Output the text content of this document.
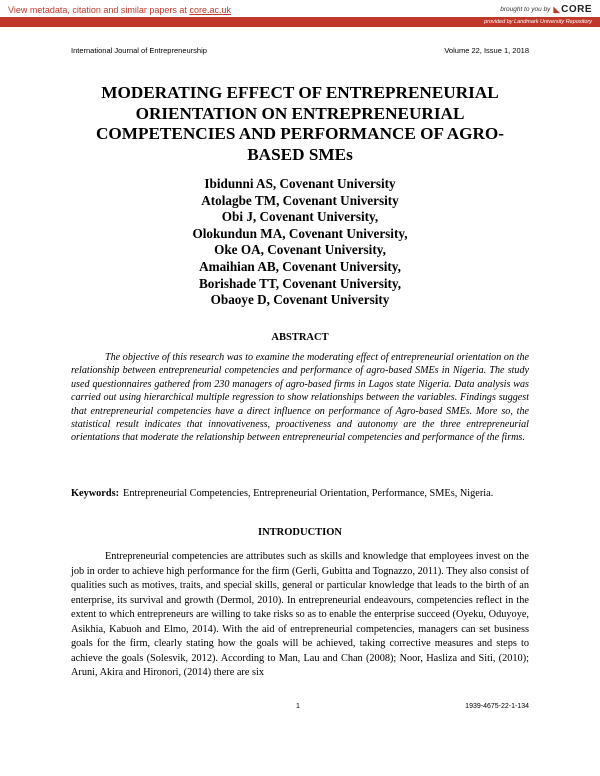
View metadata, citation and similar papers at core.ac.uk	brought to you by ◣CORE
provided by Landmark University Repository
International Journal of Entrepreneurship	Volume 22, Issue 1, 2018
MODERATING EFFECT OF ENTREPRENEURIAL ORIENTATION ON ENTREPRENEURIAL COMPETENCIES AND PERFORMANCE OF AGRO-BASED SMEs
Ibidunni AS, Covenant University
Atolagbe TM, Covenant University
Obi J, Covenant University,
Olokundun MA, Covenant University,
Oke OA, Covenant University,
Amaihian AB, Covenant University,
Borishade TT, Covenant University,
Obaoye D, Covenant University
ABSTRACT
The objective of this research was to examine the moderating effect of entrepreneurial orientation on the relationship between entrepreneurial competencies and performance of agro-based SMEs in Nigeria. The study used questionnaires gathered from 230 managers of agro-based firms in Lagos state Nigeria. Data analysis was carried out using hierarchical multiple regression to show relationships between the variables. Findings suggest that entrepreneurial competencies have a direct influence on performance of Agro-based SMEs. More so, the statistical result indicates that innovativeness, proactiveness and autonomy are the three entrepreneurial orientations that moderate the relationship between entrepreneurial competencies and performance of the firms.
Keywords: Entrepreneurial Competencies, Entrepreneurial Orientation, Performance, SMEs, Nigeria.
INTRODUCTION
Entrepreneurial competencies are attributes such as skills and knowledge that employees invest on the job in order to achieve high performance for the firm (Gerli, Gubitta and Tognazzo, 2011). They also consist of qualities such as motives, traits, and special skills, general or particular knowledge that leads to the birth of an enterprise, its survival and growth (Dermol, 2010). In entrepreneurial endeavours, competencies reflect in the extent to which entrepreneurs are willing to take risks so as to enable the enterprise succeed (Oyeku, Oduyoye, Asikhia, Kabuoh and Elmo, 2014). With the aid of entrepreneurial competencies, managers can set business goals for the firm, clearly stating how the goals will be achieved, taking corrective measures and steps to achieve the goals (Solesvik, 2012). According to Man, Lau and Chan (2008); Noor, Hasliza and Siti, (2010); Aruni, Akira and Hironori, (2014) there are six
1	1939-4675-22-1-134
